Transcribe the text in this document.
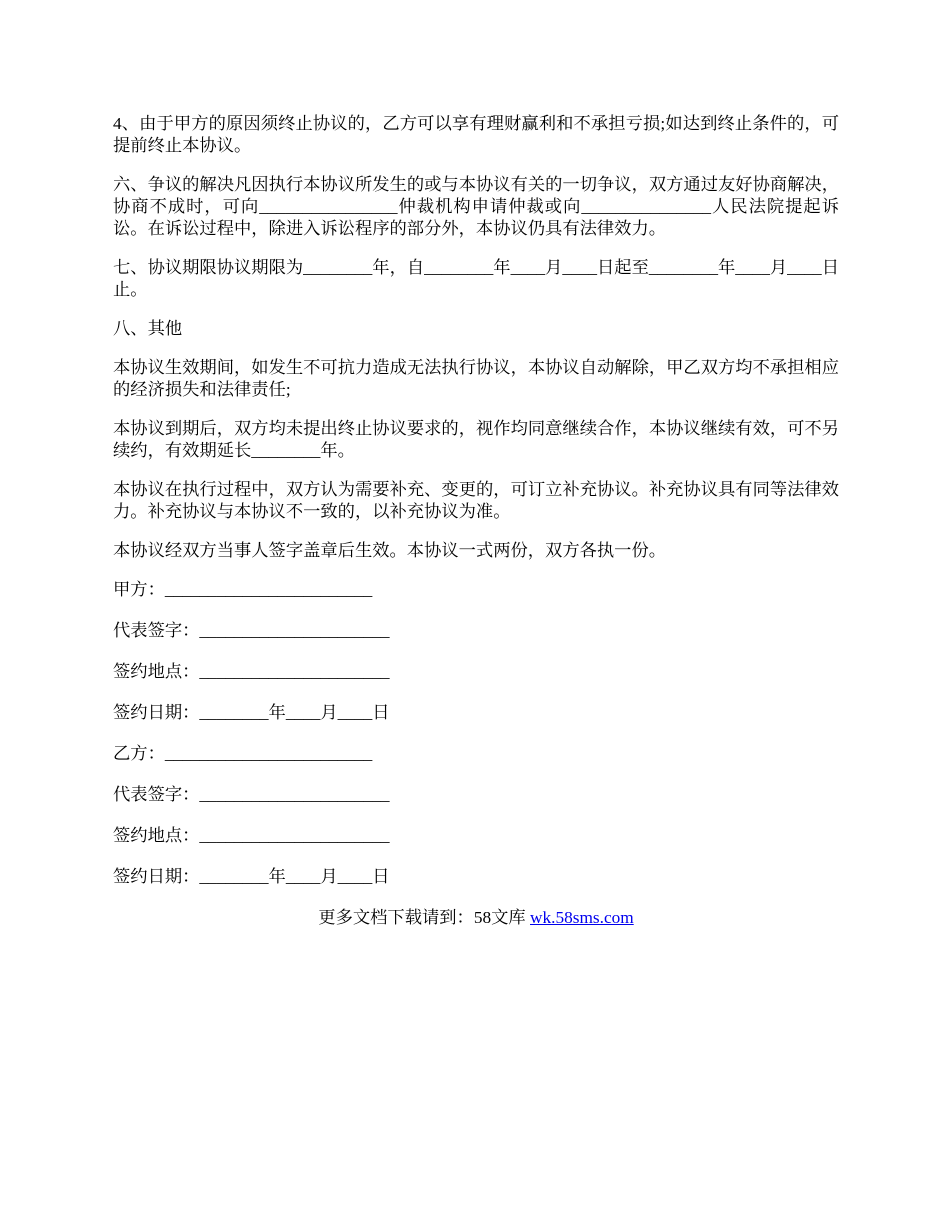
4、由于甲方的原因须终止协议的，乙方可以享有理财赢利和不承担亏损;如达到终止条件的，可提前终止本协议。

六、争议的解决凡因执行本协议所发生的或与本协议有关的一切争议，双方通过友好协商解决，协商不成时，可向________________仲裁机构申请仲裁或向_______________人民法院提起诉讼。在诉讼过程中，除进入诉讼程序的部分外，本协议仍具有法律效力。

七、协议期限协议期限为________年，自________年____月____日起至________年____月____日止。

八、其他

本协议生效期间，如发生不可抗力造成无法执行协议，本协议自动解除，甲乙双方均不承担相应的经济损失和法律责任;

本协议到期后，双方均未提出终止协议要求的，视作均同意继续合作，本协议继续有效，可不另续约，有效期延长________年。

本协议在执行过程中，双方认为需要补充、变更的，可订立补充协议。补充协议具有同等法律效力。补充协议与本协议不一致的，以补充协议为准。

本协议经双方当事人签字盖章后生效。本协议一式两份，双方各执一份。

甲方：________________________
代表签字：______________________
签约地点：______________________
签约日期：________年____月____日
乙方：________________________
代表签字：______________________
签约地点：______________________
签约日期：________年____月____日
更多文档下载请到：58文库 wk.58sms.com
